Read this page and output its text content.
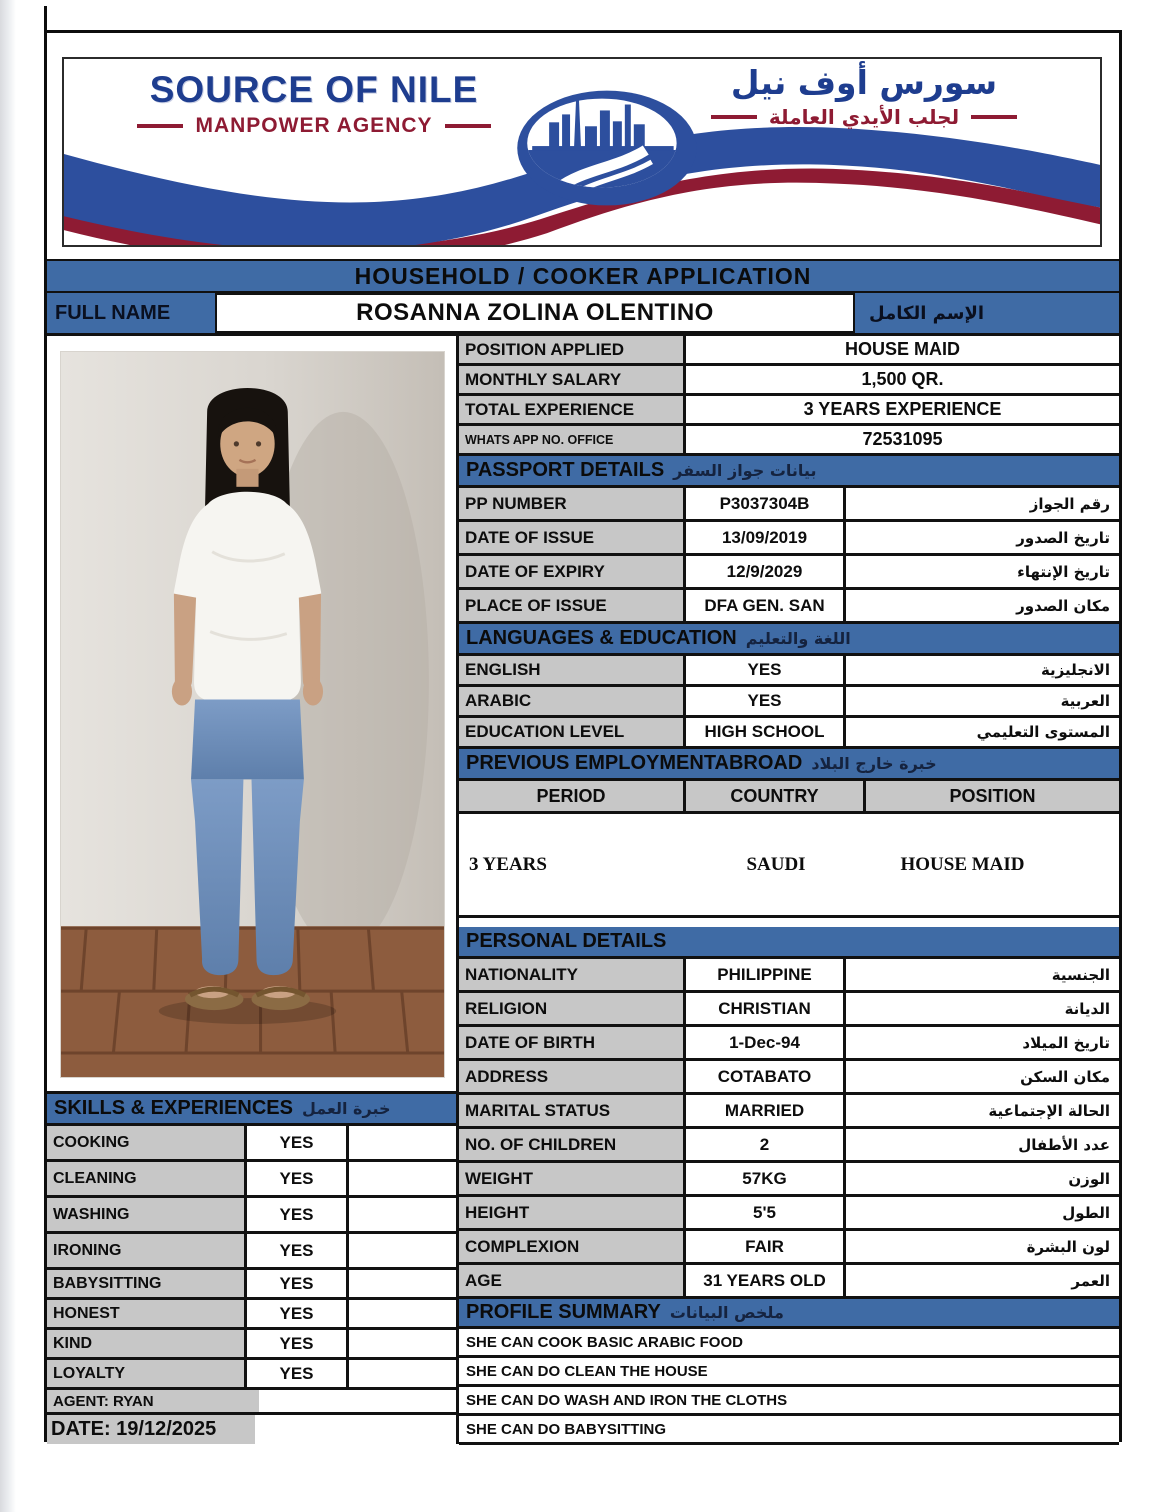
SOURCE OF NILE
MANPOWER AGENCY
سورس أوف نيل
لجلب الأيدي العاملة
HOUSEHOLD / COOKER APPLICATION
FULL NAME	ROSANNA ZOLINA OLENTINO	الإسم الكامل
SKILLS & EXPERIENCES خبرة العمل
COOKING	YES
CLEANING	YES
WASHING	YES
IRONING	YES
BABYSITTING	YES
HONEST	YES
KIND	YES
LOYALTY	YES
AGENT: RYAN
DATE: 19/12/2025
POSITION APPLIED	HOUSE MAID
MONTHLY SALARY	1,500 QR.
TOTAL EXPERIENCE	3 YEARS EXPERIENCE
WHATS APP NO. OFFICE	72531095
PASSPORT DETAILS بيانات جواز السفر
PP NUMBER	P3037304B	رقم الجواز
DATE OF ISSUE	13/09/2019	تاريخ الصدور
DATE OF EXPIRY	12/9/2029	تاريخ الإنتهاء
PLACE OF ISSUE	DFA GEN. SAN	مكان الصدور
LANGUAGES & EDUCATION اللغة والتعليم
ENGLISH	YES	الانجليزية
ARABIC	YES	العربية
EDUCATION LEVEL	HIGH SCHOOL	المستوى التعليمي
PREVIOUS EMPLOYMENTABROAD خبرة خارج البلاد
PERIOD	COUNTRY	POSITION
3 YEARS	SAUDI	HOUSE MAID
PERSONAL DETAILS
NATIONALITY	PHILIPPINE	الجنسية
RELIGION	CHRISTIAN	الديانة
DATE OF BIRTH	1-Dec-94	تاريخ الميلاد
ADDRESS	COTABATO	مكان السكن
MARITAL STATUS	MARRIED	الحالة الإجتماعية
NO. OF CHILDREN	2	عدد الأطفال
WEIGHT	57KG	الوزن
HEIGHT	5'5	الطول
COMPLEXION	FAIR	لون البشرة
AGE	31 YEARS OLD	العمر
PROFILE SUMMARY ملخص البيانات
SHE CAN COOK BASIC ARABIC FOOD
SHE CAN DO CLEAN THE HOUSE
SHE CAN DO WASH AND IRON THE CLOTHS
SHE CAN DO BABYSITTING
